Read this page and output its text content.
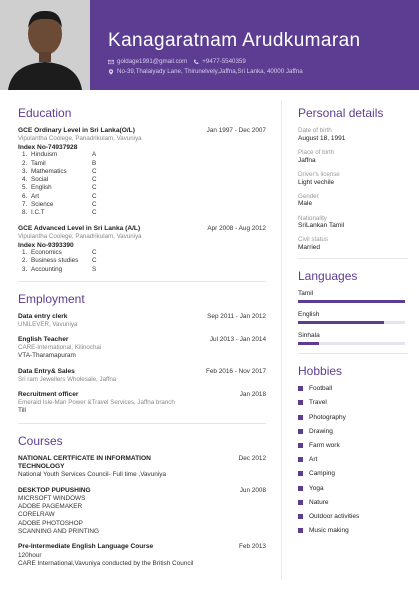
Kanagaratnam Arudkumaran
goldage1991@gmail.com +9477-5540359
No-39,Thalaiyady Lane, Thirunelvely,Jaffna,Sri Lanka, 40000 Jaffna
Education
GCE Ordinary Level in Sri Lanka(O/L)	Jan 1997 - Dec 2007
Vipulantha Coolege, Panadrikulam, Vavuniya
Index No-74937928
1. Hinduism	A
2. Tamil	B
3. Mathematics	C
4. Social	C
5. English	C
6. Art	C
7. Science	C
8. I.C.T	C
GCE Advanced Level in Sri Lanka (A/L)	Apr 2008 - Aug 2012
Vipulantha Coolege, Panadrikulam, Vavuniya
Index No-9393390
1. Economics	C
2. Business studies	C
3. Accounting	S
Employment
Data entry clerk	Sep 2011 - Jan 2012
UNILEVER, Vavuniya
English Teacher	Jul 2013 - Jan 2014
CARE-International, Kilinochai
VTA-Tharamapuram
Data Entry& Sales	Feb 2016 - Nov 2017
Sri ram Jewellers Wholesale, Jaffna
Recruitment officer	Jan 2018
Emerald Isle-Man Power &Travel Services, Jaffna branch
Till
Courses
NATIONAL CERTFICATE IN INFORMATION TECHNOLOGY
Dec 2012
National Youth Services Council- Full time ,Vavuniya
DESKTOP PUPUSHING	Jun 2008
MICRSOFT WINDOWS
ADOBE PAGEMAKER
CORELRAW
ADOBE PHOTOSHOP
SCANNING AND PRINTING
Pre-Intermediate English Language Course	Feb 2013
120hour
CARE International,Vavuniya conducted by the British Council
Personal details
Date of birth
August 18, 1991
Place of birth
Jaffna
Driver's license
Light vechile
Gender
Male
Nationality
SriLankan Tamil
Civil status
Married
Languages
Tamil
English
Sinhala
Hobbies
Football
Travel
Photography
Drawing
Farm work
Art
Camping
Yoga
Nature
Outdoor activities
Music making
